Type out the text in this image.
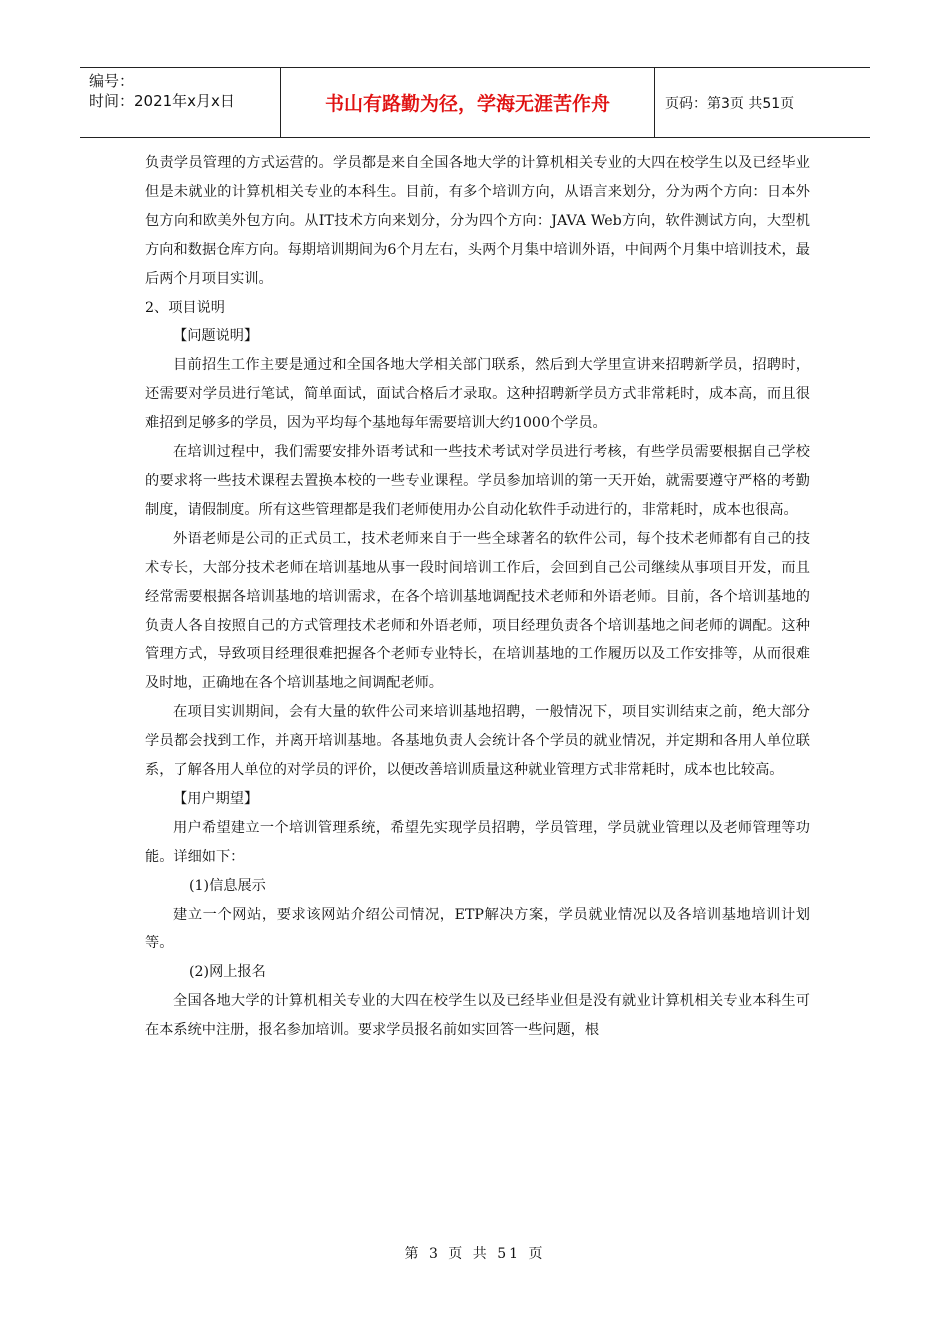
编号：
时间：2021年x月x日	书山有路勤为径，学海无涯苦作舟	页码：第3页 共51页

负责学员管理的方式运营的。学员都是来自全国各地大学的计算机相关专业的大四在校学生以及已经毕业但是未就业的计算机相关专业的本科生。目前，有多个培训方向，从语言来划分，分为两个方向：日本外包方向和欧美外包方向。从IT技术方向来划分，分为四个方向：JAVA Web方向，软件测试方向，大型机方向和数据仓库方向。每期培训期间为6个月左右，头两个月集中培训外语，中间两个月集中培训技术，最后两个月项目实训。

2、项目说明

【问题说明】

目前招生工作主要是通过和全国各地大学相关部门联系，然后到大学里宣讲来招聘新学员，招聘时，还需要对学员进行笔试，简单面试，面试合格后才录取。这种招聘新学员方式非常耗时，成本高，而且很难招到足够多的学员，因为平均每个基地每年需要培训大约1000个学员。

在培训过程中，我们需要安排外语考试和一些技术考试对学员进行考核，有些学员需要根据自己学校的要求将一些技术课程去置换本校的一些专业课程。学员参加培训的第一天开始，就需要遵守严格的考勤制度，请假制度。所有这些管理都是我们老师使用办公自动化软件手动进行的，非常耗时，成本也很高。

外语老师是公司的正式员工，技术老师来自于一些全球著名的软件公司，每个技术老师都有自己的技术专长，大部分技术老师在培训基地从事一段时间培训工作后，会回到自己公司继续从事项目开发，而且经常需要根据各培训基地的培训需求，在各个培训基地调配技术老师和外语老师。目前，各个培训基地的负责人各自按照自己的方式管理技术老师和外语老师，项目经理负责各个培训基地之间老师的调配。这种管理方式，导致项目经理很难把握各个老师专业特长，在培训基地的工作履历以及工作安排等，从而很难及时地，正确地在各个培训基地之间调配老师。

在项目实训期间，会有大量的软件公司来培训基地招聘，一般情况下，项目实训结束之前，绝大部分学员都会找到工作，并离开培训基地。各基地负责人会统计各个学员的就业情况，并定期和各用人单位联系，了解各用人单位的对学员的评价，以便改善培训质量这种就业管理方式非常耗时，成本也比较高。

【用户期望】

用户希望建立一个培训管理系统，希望先实现学员招聘，学员管理，学员就业管理以及老师管理等功能。详细如下：

(1)信息展示

建立一个网站，要求该网站介绍公司情况，ETP解决方案，学员就业情况以及各培训基地培训计划等。

(2)网上报名

全国各地大学的计算机相关专业的大四在校学生以及已经毕业但是没有就业计算机相关专业本科生可在本系统中注册，报名参加培训。要求学员报名前如实回答一些问题，根

第 3 页 共 51 页
